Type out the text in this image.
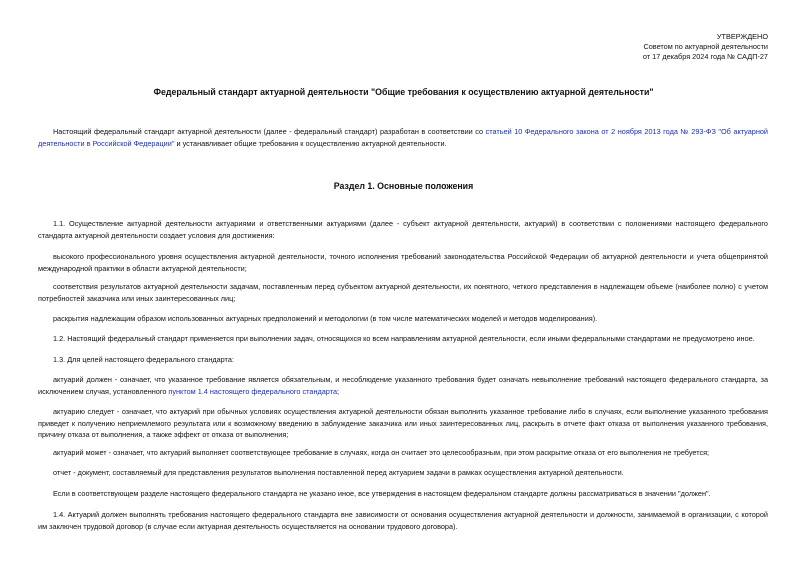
УТВЕРЖДЕНО
Советом по актуарной деятельности
от 17 декабря 2024 года № САДП-27
Федеральный стандарт актуарной деятельности "Общие требования к осуществлению актуарной деятельности"

Настоящий федеральный стандарт актуарной деятельности (далее - федеральный стандарт) разработан в соответствии со статьей 10 Федерального закона от 2 ноября 2013 года № 293-ФЗ "Об актуарной деятельности в Российской Федерации" и устанавливает общие требования к осуществлению актуарной деятельности.

Раздел 1. Основные положения

1.1. Осуществление актуарной деятельности актуариями и ответственными актуариями (далее - субъект актуарной деятельности, актуарий) в соответствии с положениями настоящего федерального стандарта актуарной деятельности создает условия для достижения:

высокого профессионального уровня осуществления актуарной деятельности, точного исполнения требований законодательства Российской Федерации об актуарной деятельности и учета общепринятой международной практики в области актуарной деятельности;

соответствия результатов актуарной деятельности задачам, поставленным перед субъектом актуарной деятельности, их понятного, четкого представления в надлежащем объеме (наиболее полно) с учетом потребностей заказчика или иных заинтересованных лиц;

раскрытия надлежащим образом использованных актуарных предположений и методологии (в том числе математических моделей и методов моделирования).

1.2. Настоящий федеральный стандарт применяется при выполнении задач, относящихся ко всем направлениям актуарной деятельности, если иными федеральными стандартами не предусмотрено иное.

1.3. Для целей настоящего федерального стандарта:

актуарий должен - означает, что указанное требование является обязательным, и несоблюдение указанного требования будет означать невыполнение требований настоящего федерального стандарта, за исключением случая, установленного пунктом 1.4 настоящего федерального стандарта;

актуарию следует - означает, что актуарий при обычных условиях осуществления актуарной деятельности обязан выполнить указанное требование либо в случаях, если выполнение указанного требования приведет к получению неприемлемого результата или к возможному введению в заблуждение заказчика или иных заинтересованных лиц, раскрыть в отчете факт отказа от выполнения указанного требования, причину отказа от выполнения, а также эффект от отказа от выполнения;

актуарий может - означает, что актуарий выполняет соответствующее требование в случаях, когда он считает это целесообразным, при этом раскрытие отказа от его выполнения не требуется;

отчет - документ, составляемый для представления результатов выполнения поставленной перед актуарием задачи в рамках осуществления актуарной деятельности.

Если в соответствующем разделе настоящего федерального стандарта не указано иное, все утверждения в настоящем федеральном стандарте должны рассматриваться в значении "должен".

1.4. Актуарий должен выполнять требования настоящего федерального стандарта вне зависимости от основания осуществления актуарной деятельности и должности, занимаемой в организации, с которой им заключен трудовой договор (в случае если актуарная деятельность осуществляется на основании трудового договора).
